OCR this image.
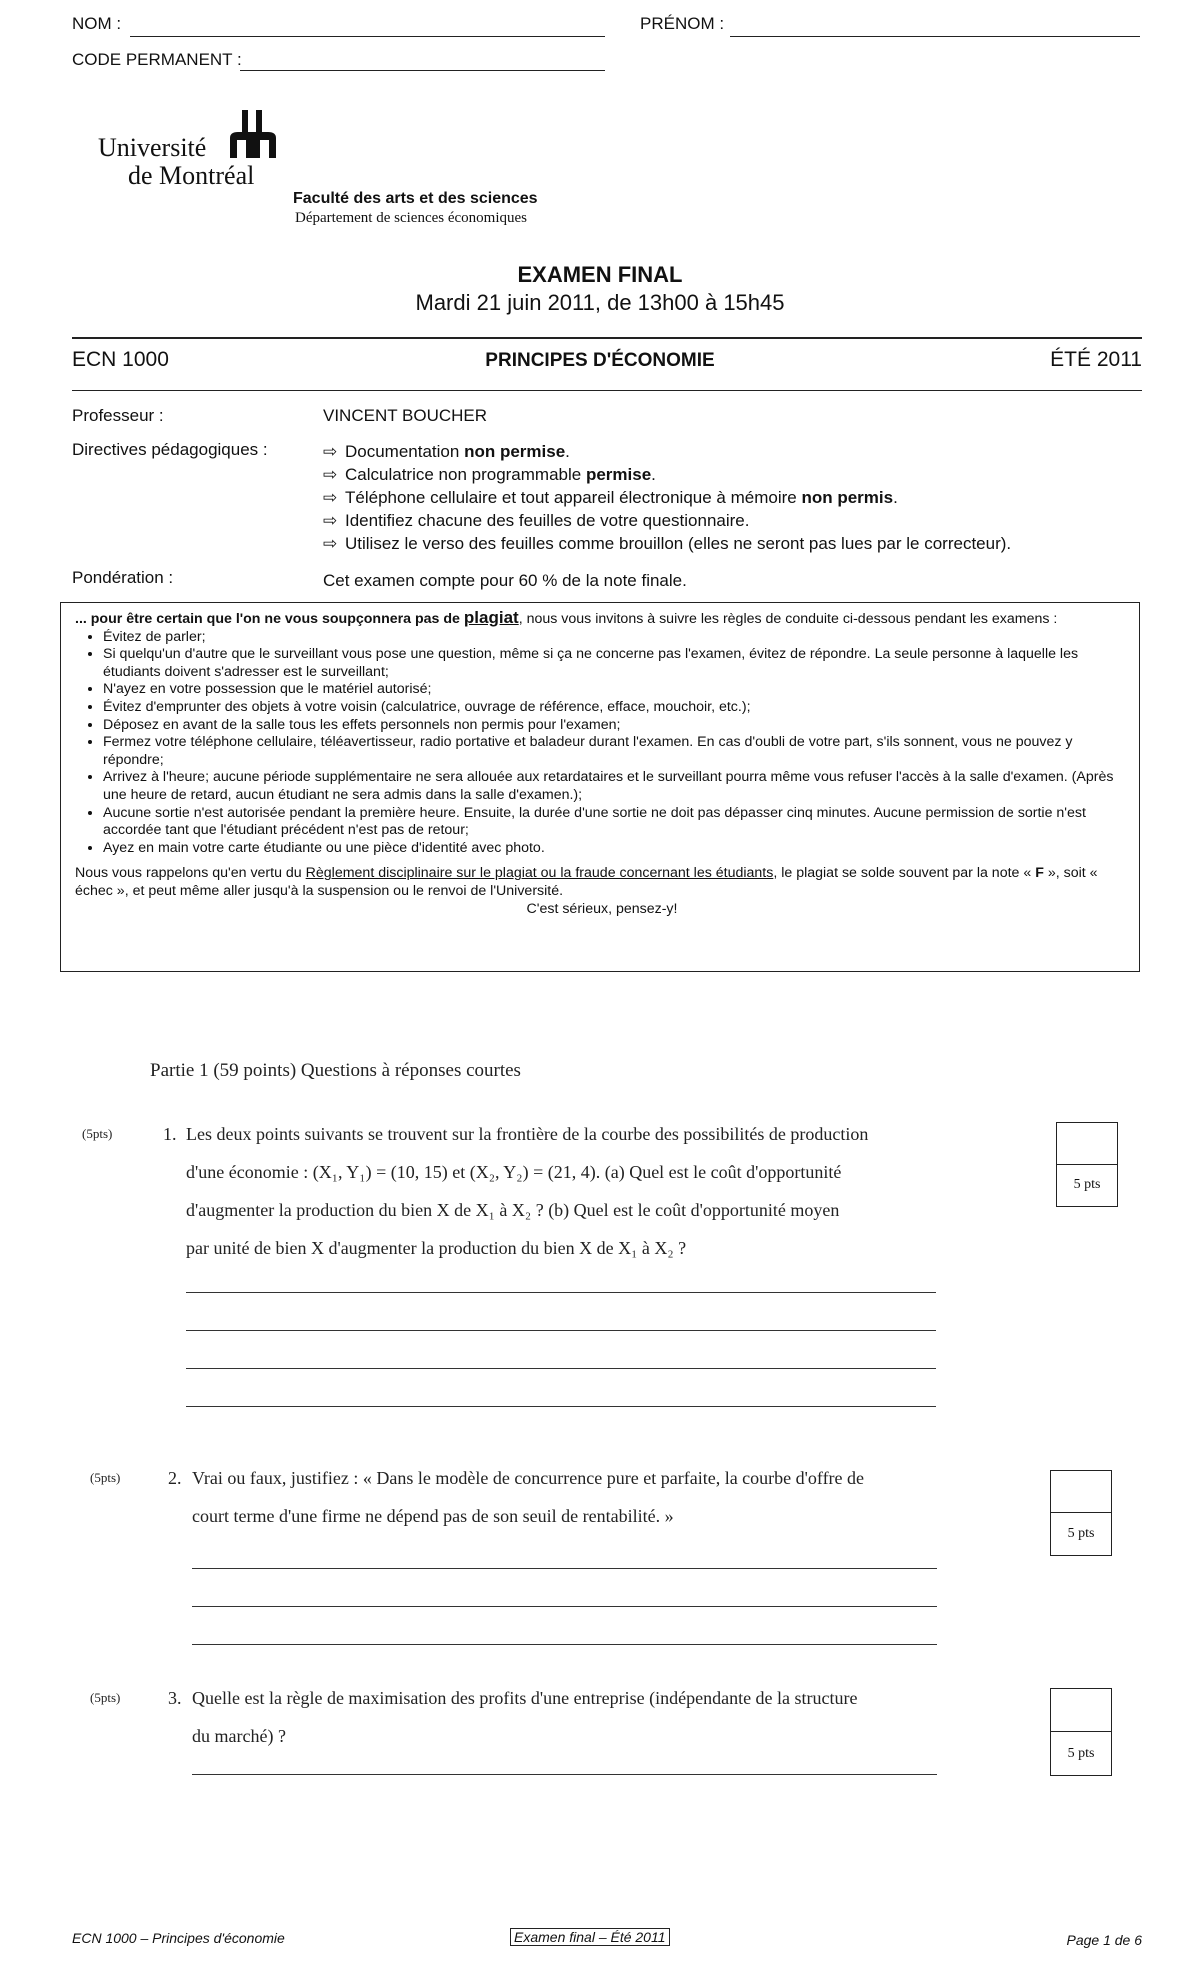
NOM :	PRÉNOM :
CODE PERMANENT :
Université
de Montréal
Faculté des arts et des sciences
Département de sciences économiques
EXAMEN FINAL
Mardi 21 juin 2011, de 13h00 à 15h45
ECN 1000	PRINCIPES D'ÉCONOMIE	ÉTÉ 2011
Professeur :	VINCENT BOUCHER
Directives pédagogiques :	⇨ Documentation non permise.
⇨ Calculatrice non programmable permise.
⇨ Téléphone cellulaire et tout appareil électronique à mémoire non permis.
⇨ Identifiez chacune des feuilles de votre questionnaire.
⇨ Utilisez le verso des feuilles comme brouillon (elles ne seront pas lues par le correcteur).
Pondération :	Cet examen compte pour 60 % de la note finale.
... pour être certain que l'on ne vous soupçonnera pas de plagiat, nous vous invitons à suivre les règles de conduite ci-dessous pendant les examens :
• Évitez de parler;
• Si quelqu'un d'autre que le surveillant vous pose une question, même si ça ne concerne pas l'examen, évitez de répondre. La seule personne à laquelle les étudiants doivent s'adresser est le surveillant;
• N'ayez en votre possession que le matériel autorisé;
• Évitez d'emprunter des objets à votre voisin (calculatrice, ouvrage de référence, efface, mouchoir, etc.);
• Déposez en avant de la salle tous les effets personnels non permis pour l'examen;
• Fermez votre téléphone cellulaire, téléavertisseur, radio portative et baladeur durant l'examen. En cas d'oubli de votre part, s'ils sonnent, vous ne pouvez y répondre;
• Arrivez à l'heure; aucune période supplémentaire ne sera allouée aux retardataires et le surveillant pourra même vous refuser l'accès à la salle d'examen. (Après une heure de retard, aucun étudiant ne sera admis dans la salle d'examen.);
• Aucune sortie n'est autorisée pendant la première heure. Ensuite, la durée d'une sortie ne doit pas dépasser cinq minutes. Aucune permission de sortie n'est accordée tant que l'étudiant précédent n'est pas de retour;
• Ayez en main votre carte étudiante ou une pièce d'identité avec photo.
Nous vous rappelons qu'en vertu du Règlement disciplinaire sur le plagiat ou la fraude concernant les étudiants, le plagiat se solde souvent par la note « F », soit « échec », et peut même aller jusqu'à la suspension ou le renvoi de l'Université.
C'est sérieux, pensez-y!
Partie 1 (59 points) Questions à réponses courtes
(5pts)	1. Les deux points suivants se trouvent sur la frontière de la courbe des possibilités de production
d'une économie : (X₁, Y₁) = (10, 15) et (X₂, Y₂) = (21, 4). (a) Quel est le coût d'opportunité
d'augmenter la production du bien X de X₁ à X₂ ? (b) Quel est le coût d'opportunité moyen
par unité de bien X d'augmenter la production du bien X de X₁ à X₂ ?
5 pts
(5pts)	2. Vrai ou faux, justifiez : « Dans le modèle de concurrence pure et parfaite, la courbe d'offre de
court terme d'une firme ne dépend pas de son seuil de rentabilité. »
5 pts
(5pts)	3. Quelle est la règle de maximisation des profits d'une entreprise (indépendante de la structure
du marché) ?
5 pts
ECN 1000 – Principes d'économie	Examen final – Été 2011	Page 1 de 6
